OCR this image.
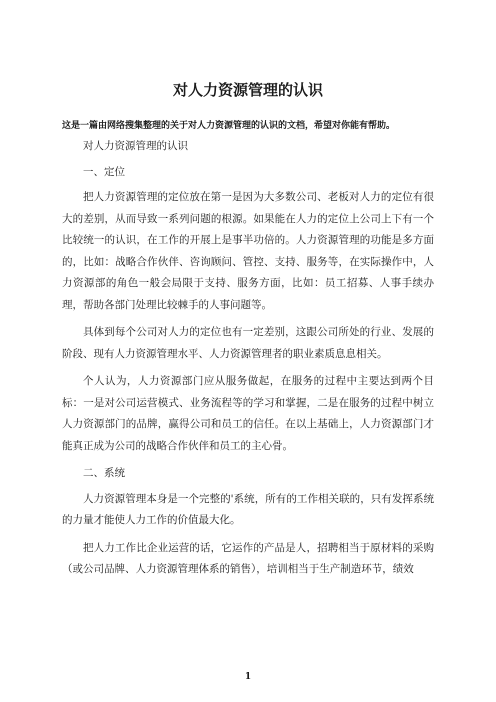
对人力资源管理的认识
这是一篇由网络搜集整理的关于对人力资源管理的认识的文档，希望对你能有帮助。

对人力资源管理的认识

一、定位

把人力资源管理的定位放在第一是因为大多数公司、老板对人力的定位有很大的差别，从而导致一系列问题的根源。如果能在人力的定位上公司上下有一个比较统一的认识，在工作的开展上是事半功倍的。人力资源管理的功能是多方面的，比如：战略合作伙伴、咨询顾问、管控、支持、服务等，在实际操作中，人力资源部的角色一般会局限于支持、服务方面，比如：员工招募、人事手续办理，帮助各部门处理比较棘手的人事问题等。

具体到每个公司对人力的定位也有一定差别，这跟公司所处的行业、发展的阶段、现有人力资源管理水平、人力资源管理者的职业素质息息相关。

个人认为，人力资源部门应从服务做起，在服务的过程中主要达到两个目标：一是对公司运营模式、业务流程等的学习和掌握，二是在服务的过程中树立人力资源部门的品牌，赢得公司和员工的信任。在以上基础上，人力资源部门才能真正成为公司的战略合作伙伴和员工的主心骨。

二、系统

人力资源管理本身是一个完整的'系统，所有的工作相关联的，只有发挥系统的力量才能使人力工作的价值最大化。

把人力工作比企业运营的话，它运作的产品是人，招聘相当于原材料的采购（或公司品牌、人力资源管理体系的销售），培训相当于生产制造环节，绩效

1
